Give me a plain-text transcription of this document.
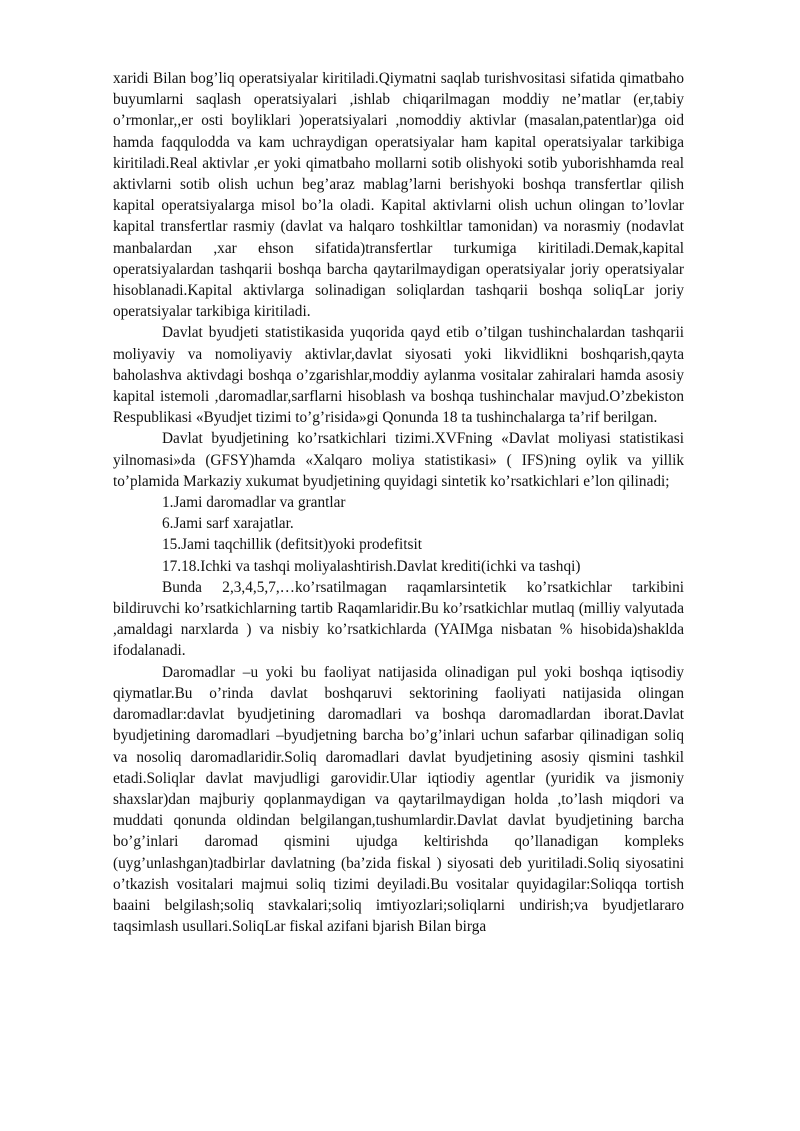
xaridi Bilan bog’liq operatsiyalar kiritiladi.Qiymatni saqlab turishvositasi sifatida qimatbaho buyumlarni saqlash operatsiyalari ,ishlab chiqarilmagan moddiy ne’matlar (er,tabiy o’rmonlar,,er osti boyliklari )operatsiyalari ,nomoddiy aktivlar (masalan,patentlar)ga oid hamda faqqulodda va kam uchraydigan operatsiyalar ham kapital operatsiyalar tarkibiga kiritiladi.Real aktivlar ,er yoki qimatbaho mollarni sotib olishyoki sotib yuborishhamda real aktivlarni sotib olish uchun beg’araz mablag’larni berishyoki boshqa transfertlar qilish kapital operatsiyalarga misol bo’la oladi. Kapital aktivlarni olish uchun olingan to’lovlar kapital transfertlar rasmiy (davlat va halqaro toshkiltlar tamonidan) va norasmiy (nodavlat manbalardan ,xar ehson sifatida)transfertlar turkumiga kiritiladi.Demak,kapital operatsiyalardan tashqarii boshqa barcha qaytarilmaydigan operatsiyalar joriy operatsiyalar hisoblanadi.Kapital aktivlarga solinadigan soliqlardan tashqarii boshqa soliqLar joriy operatsiyalar tarkibiga kiritiladi.

Davlat byudjeti statistikasida yuqorida qayd etib o’tilgan tushinchalardan tashqarii moliyaviy va nomoliyaviy aktivlar,davlat siyosati yoki likvidlikni boshqarish,qayta baholashva aktivdagi boshqa o’zgarishlar,moddiy aylanma vositalar zahiralari hamda asosiy kapital istemoli ,daromadlar,sarflarni hisoblash va boshqa tushinchalar mavjud.O’zbekiston Respublikasi «Byudjet tizimi to’g’risida»gi Qonunda 18 ta tushinchalarga ta’rif berilgan.

Davlat byudjetining ko’rsatkichlari tizimi.XVFning «Davlat moliyasi statistikasi yilnomasi»da (GFSY)hamda «Xalqaro moliya statistikasi» ( IFS)ning oylik va yillik to’plamida Markaziy xukumat byudjetining quyidagi sintetik ko’rsatkichlari e’lon qilinadi;

1.Jami daromadlar va grantlar

6.Jami sarf xarajatlar.

15.Jami taqchillik (defitsit)yoki prodefitsit

17.18.Ichki va tashqi moliyalashtirish.Davlat krediti(ichki va tashqi)

Bunda 2,3,4,5,7,…ko’rsatilmagan raqamlarsintetik ko’rsatkichlar tarkibini bildiruvchi ko’rsatkichlarning tartib Raqamlaridir.Bu ko’rsatkichlar mutlaq (milliy valyutada ,amaldagi narxlarda ) va nisbiy ko’rsatkichlarda (YAIMga nisbatan % hisobida)shaklda ifodalanadi.

Daromadlar –u yoki bu faoliyat natijasida olinadigan pul yoki boshqa iqtisodiy qiymatlar.Bu o’rinda davlat boshqaruvi sektorining faoliyati natijasida olingan daromadlar:davlat byudjetining daromadlari va boshqa daromadlardan iborat.Davlat byudjetining daromadlari –byudjetning barcha bo’g’inlari uchun safarbar qilinadigan soliq va nosoliq daromadlaridir.Soliq daromadlari davlat byudjetining asosiy qismini tashkil etadi.Soliqlar davlat mavjudligi garovidir.Ular iqtiodiy agentlar (yuridik va jismoniy shaxslar)dan majburiy qoplanmaydigan va qaytarilmaydigan holda ,to’lash miqdori va muddati qonunda oldindan belgilangan,tushumlardir.Davlat davlat byudjetining barcha bo’g’inlari daromad qismini ujudga keltirishda qo’llanadigan kompleks (uyg’unlashgan)tadbirlar davlatning (ba’zida fiskal ) siyosati deb yuritiladi.Soliq siyosatini o’tkazish vositalari majmui soliq tizimi deyiladi.Bu vositalar quyidagilar:Soliqqa tortish baaini belgilash;soliq stavkalari;soliq imtiyozlari;soliqlarni undirish;va byudjetlararo taqsimlash usullari.SoliqLar fiskal azifani bjarish Bilan birga
